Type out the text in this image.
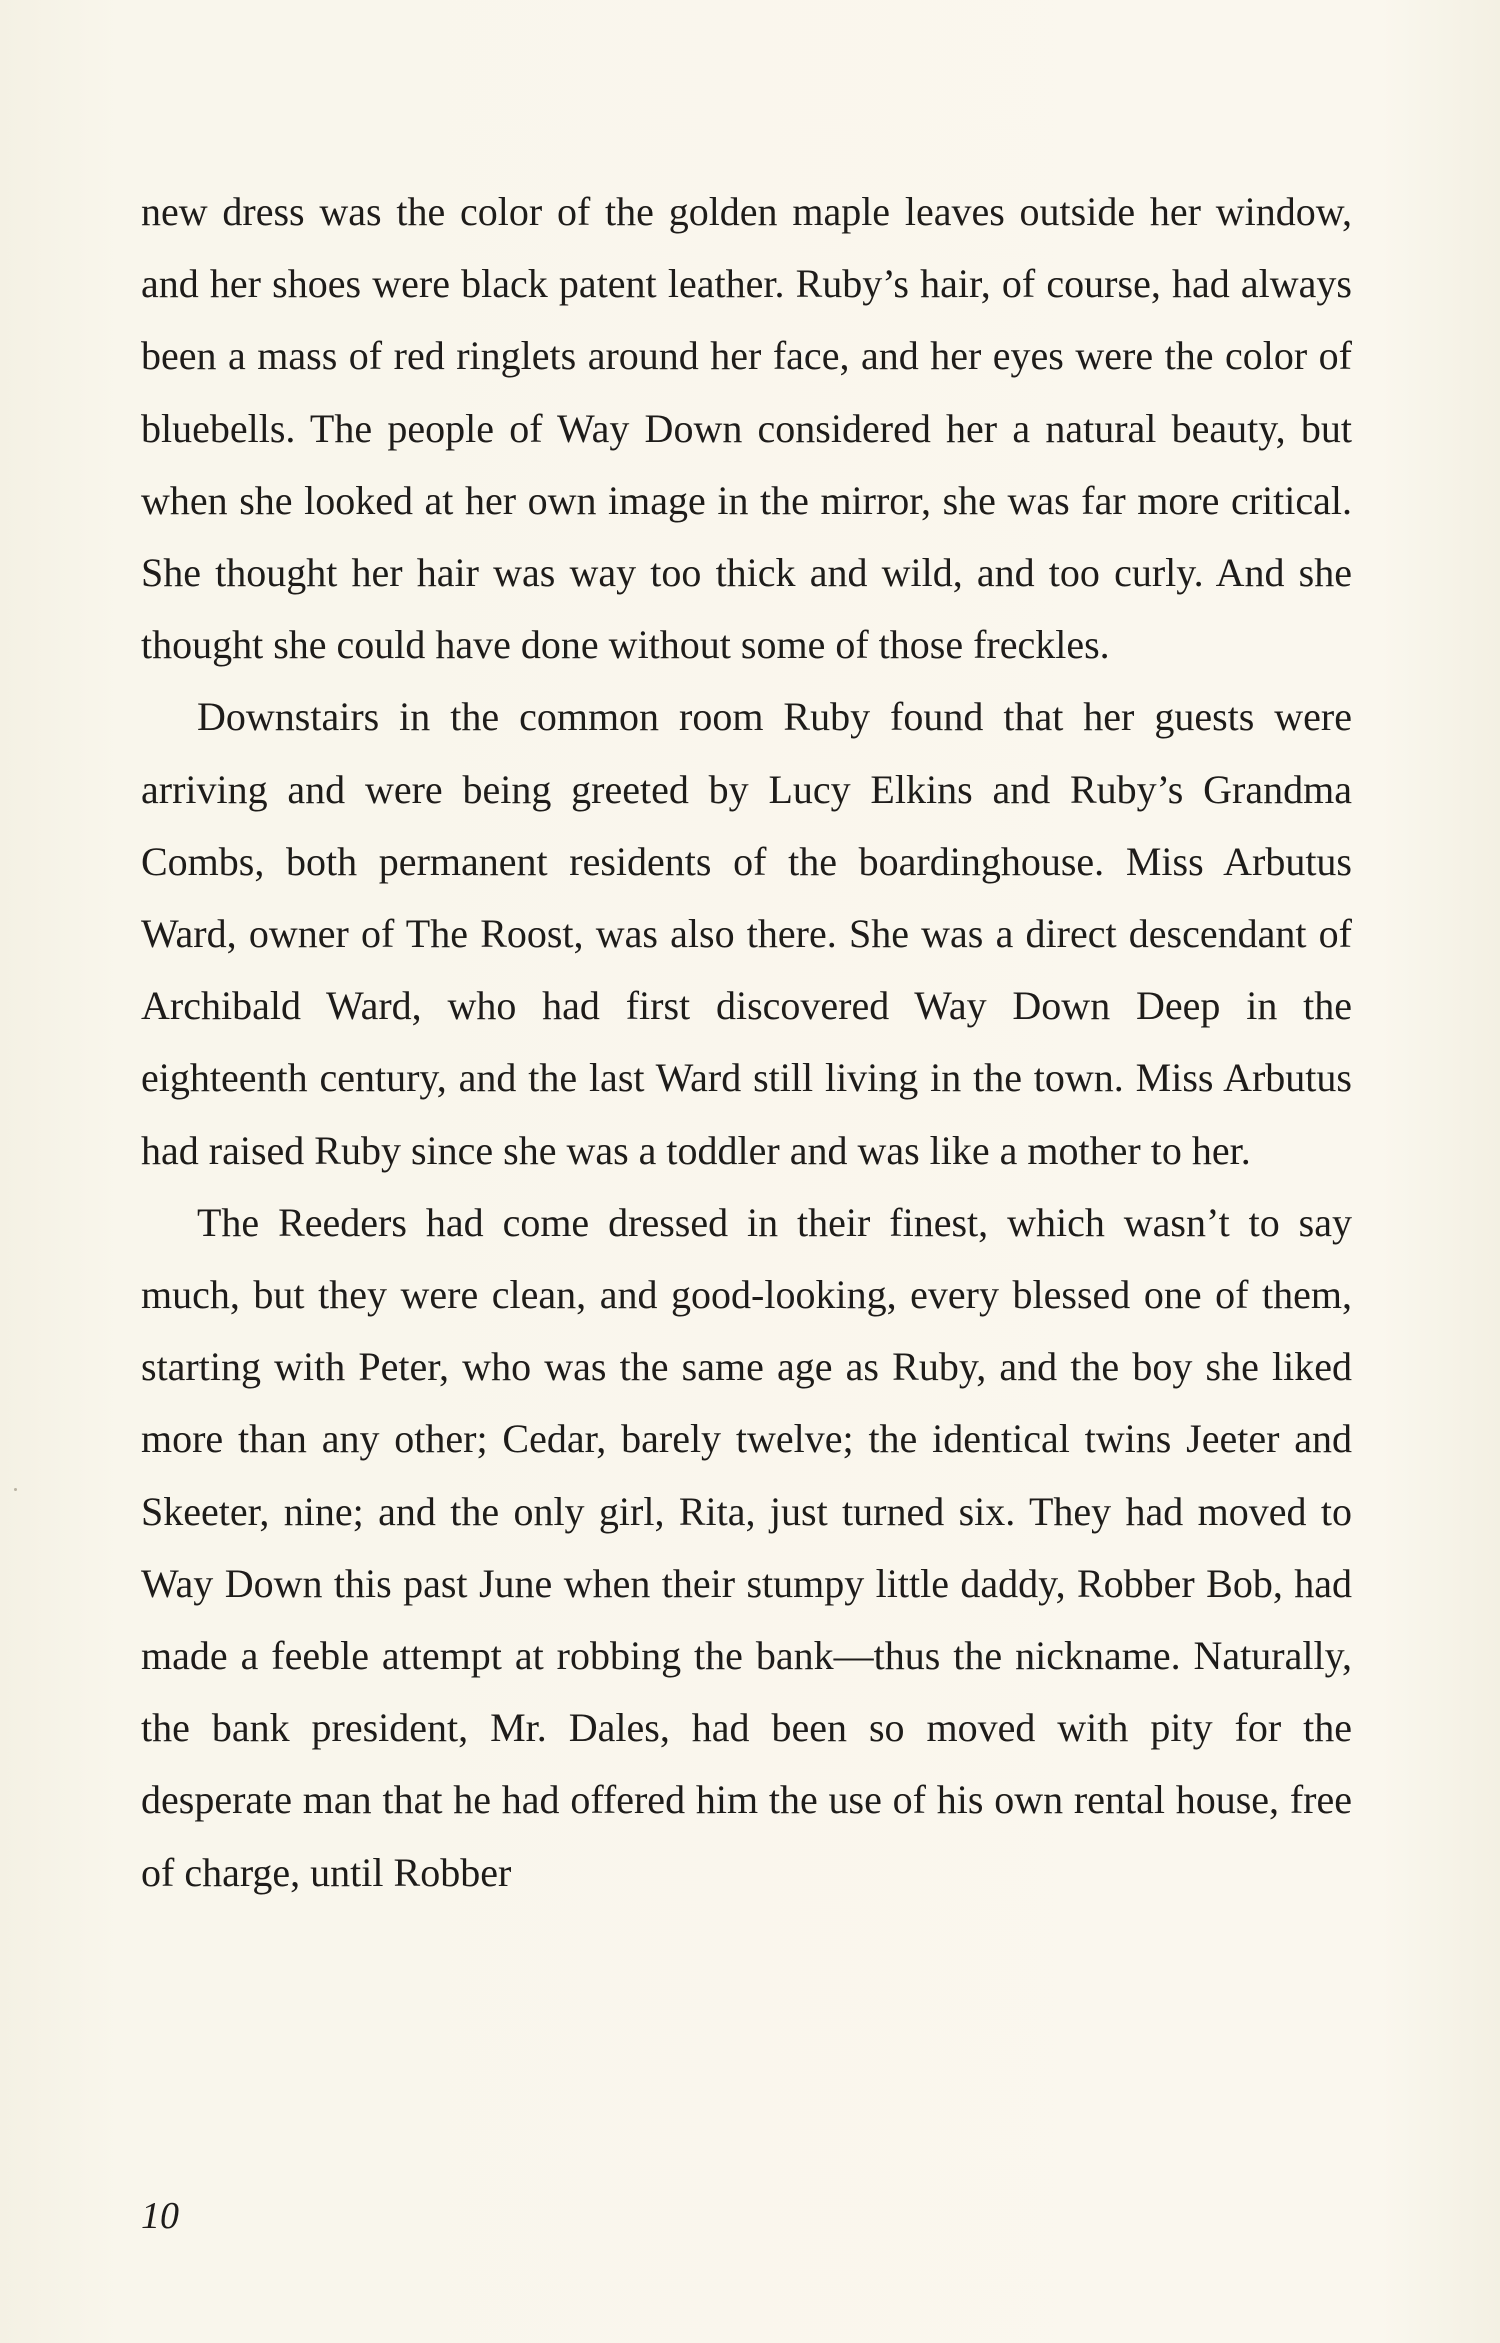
new dress was the color of the golden maple leaves outside her window, and her shoes were black patent leather. Ruby’s hair, of course, had always been a mass of red ringlets around her face, and her eyes were the color of bluebells. The people of Way Down considered her a natural beauty, but when she looked at her own image in the mirror, she was far more critical. She thought her hair was way too thick and wild, and too curly. And she thought she could have done without some of those freckles.

Downstairs in the common room Ruby found that her guests were arriving and were being greeted by Lucy Elkins and Ruby’s Grandma Combs, both permanent residents of the boardinghouse. Miss Arbutus Ward, owner of The Roost, was also there. She was a direct descendant of Archibald Ward, who had first discovered Way Down Deep in the eighteenth century, and the last Ward still living in the town. Miss Arbutus had raised Ruby since she was a toddler and was like a mother to her.

The Reeders had come dressed in their finest, which wasn’t to say much, but they were clean, and good-looking, every blessed one of them, starting with Peter, who was the same age as Ruby, and the boy she liked more than any other; Cedar, barely twelve; the identical twins Jeeter and Skeeter, nine; and the only girl, Rita, just turned six. They had moved to Way Down this past June when their stumpy little daddy, Robber Bob, had made a feeble attempt at robbing the bank—thus the nickname. Naturally, the bank president, Mr. Dales, had been so moved with pity for the desperate man that he had offered him the use of his own rental house, free of charge, until Robber

10
